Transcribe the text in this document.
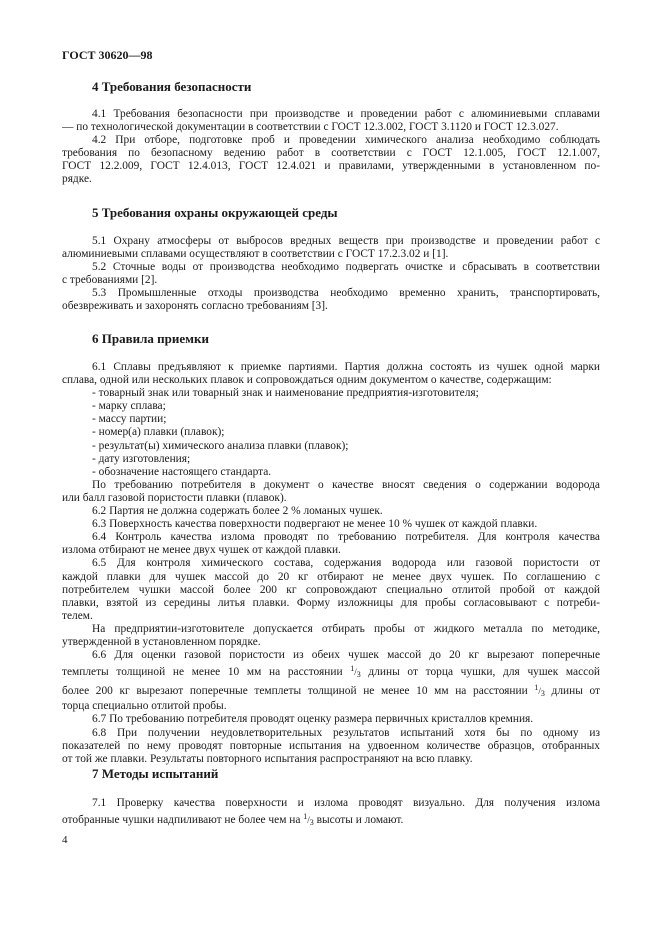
ГОСТ 30620—98
4 Требования безопасности

4.1 Требования безопасности при производстве и проведении работ с алюминиевыми сплавами

— по технологической документации в соответствии с ГОСТ 12.3.002, ГОСТ 3.1120 и ГОСТ 12.3.027.

4.2 При отборе, подготовке проб и проведении химического анализа необходимо соблюдать

требования по безопасному ведению работ в соответствии с ГОСТ 12.1.005, ГОСТ 12.1.007,

ГОСТ 12.2.009, ГОСТ 12.4.013, ГОСТ 12.4.021 и правилами, утвержденными в установленном по-

рядке.

5 Требования охраны окружающей среды

5.1 Охрану атмосферы от выбросов вредных веществ при производстве и проведении работ с

алюминиевыми сплавами осуществляют в соответствии с ГОСТ 17.2.3.02 и [1].

5.2 Сточные воды от производства необходимо подвергать очистке и сбрасывать в соответствии

с требованиями [2].

5.3 Промышленные отходы производства необходимо временно хранить, транспортировать,

обезвреживать и захоронять согласно требованиям [3].

6 Правила приемки

6.1 Сплавы предъявляют к приемке партиями. Партия должна состоять из чушек одной марки

сплава, одной или нескольких плавок и сопровождаться одним документом о качестве, содержащим:

- товарный знак или товарный знак и наименование предприятия-изготовителя;

- марку сплава;

- массу партии;

- номер(а) плавки (плавок);

- результат(ы) химического анализа плавки (плавок);

- дату изготовления;

- обозначение настоящего стандарта.

По требованию потребителя в документ о качестве вносят сведения о содержании водорода

или балл газовой пористости плавки (плавок).

6.2 Партия не должна содержать более 2 % ломаных чушек.

6.3 Поверхность качества поверхности подвергают не менее 10 % чушек от каждой плавки.

6.4 Контроль качества излома проводят по требованию потребителя. Для контроля качества

излома отбирают не менее двух чушек от каждой плавки.

6.5 Для контроля химического состава, содержания водорода или газовой пористости от

каждой плавки для чушек массой до 20 кг отбирают не менее двух чушек. По соглашению с

потребителем чушки массой более 200 кг сопровождают специально отлитой пробой от каждой

плавки, взятой из середины литья плавки. Форму изложницы для пробы согласовывают с потреби-

телем.

На предприятии-изготовителе допускается отбирать пробы от жидкого металла по методике,

утвержденной в установленном порядке.

6.6 Для оценки газовой пористости из обеих чушек массой до 20 кг вырезают поперечные

темплеты толщиной не менее 10 мм на расстоянии $^1/_3$ длины от торца чушки, для чушек массой

более 200 кг вырезают поперечные темплеты толщиной не менее 10 мм на расстоянии $^1/_3$ длины от

торца специально отлитой пробы.

6.7 По требованию потребителя проводят оценку размера первичных кристаллов кремния.

6.8 При получении неудовлетворительных результатов испытаний хотя бы по одному из

показателей по нему проводят повторные испытания на удвоенном количестве образцов, отобранных

от той же плавки. Результаты повторного испытания распространяют на всю плавку.

7 Методы испытаний

7.1 Проверку качества поверхности и излома проводят визуально. Для получения излома

отобранные чушки надпиливают не более чем на $^1/_3$ высоты и ломают.

4
